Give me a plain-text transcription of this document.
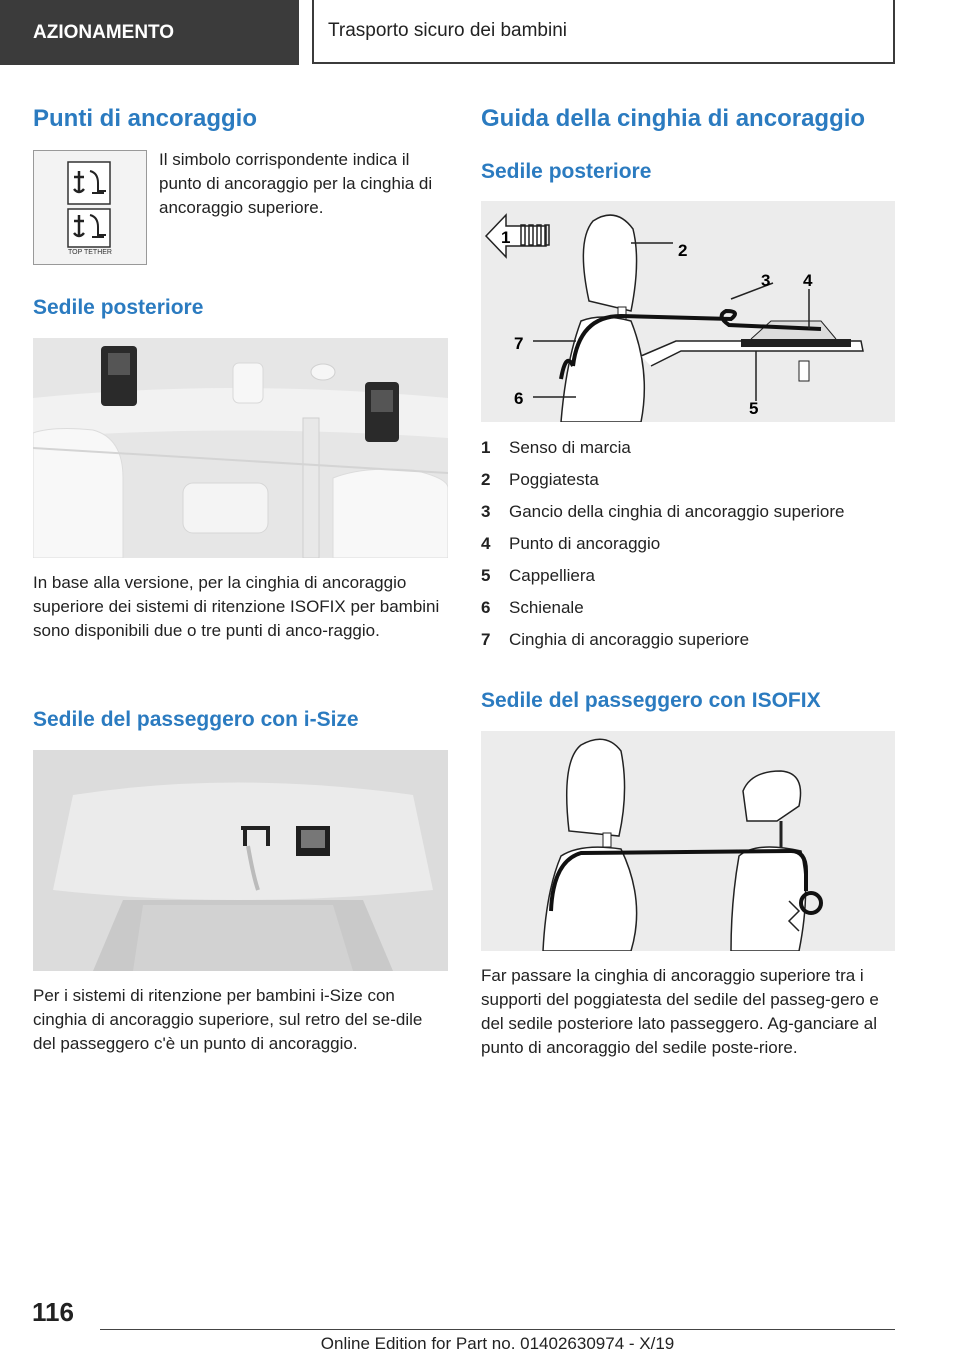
AZIONAMENTO	Trasporto sicuro dei bambini
Punti di ancoraggio
TOP TETHER

Il simbolo corrispondente indica il punto di ancoraggio per la cinghia di ancoraggio superiore.

Sedile posteriore

In base alla versione, per la cinghia di ancoraggio superiore dei sistemi di ritenzione ISOFIX per bambini sono disponibili due o tre punti di anco-raggio.

Sedile del passeggero con i-Size

Per i sistemi di ritenzione per bambini i-Size con cinghia di ancoraggio superiore, sul retro del se-dile del passeggero c'è un punto di ancoraggio.

Guida della cinghia di ancoraggio
Sedile posteriore
1
2
3 4
5
6
7
1	Senso di marcia
2	Poggiatesta
3	Gancio della cinghia di ancoraggio superiore
4	Punto di ancoraggio
5	Cappelliera
6	Schienale
7	Cinghia di ancoraggio superiore
Sedile del passeggero con ISOFIX

Far passare la cinghia di ancoraggio superiore tra i supporti del poggiatesta del sedile del passeg-gero e del sedile posteriore lato passeggero. Ag-ganciare al punto di ancoraggio del sedile poste-riore.

116
Online Edition for Part no. 01402630974 - X/19
